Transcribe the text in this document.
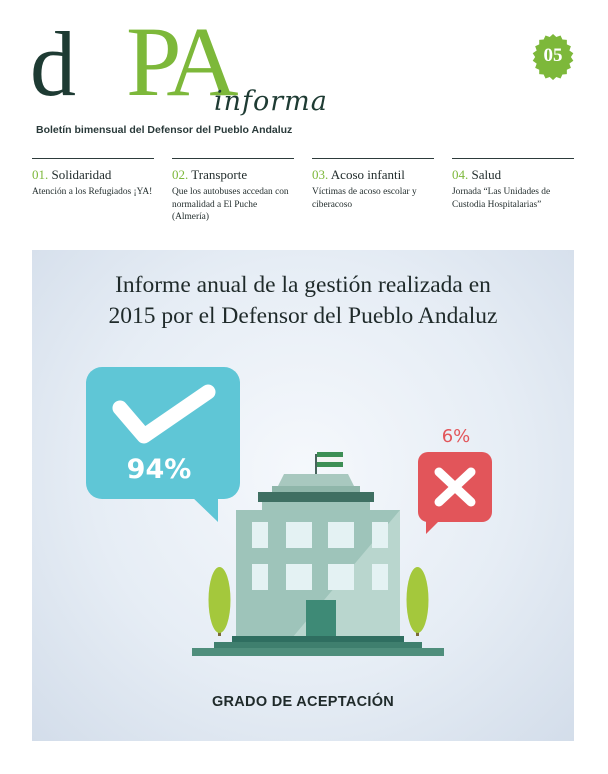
d PA
informa
Boletín bimensual del Defensor del Pueblo Andaluz
05
01. Solidaridad
Atención a los Refugiados ¡YA!
02. Transporte
Que los autobuses accedan con normalidad a El Puche (Almería)
03. Acoso infantil
Víctimas de acoso escolar y ciberacoso
04. Salud
Jornada “Las Unidades de Custodia Hospitalarias”
Informe anual de la gestión realizada en
2015 por el Defensor del Pueblo Andaluz
94%
6%
GRADO DE ACEPTACIÓN
